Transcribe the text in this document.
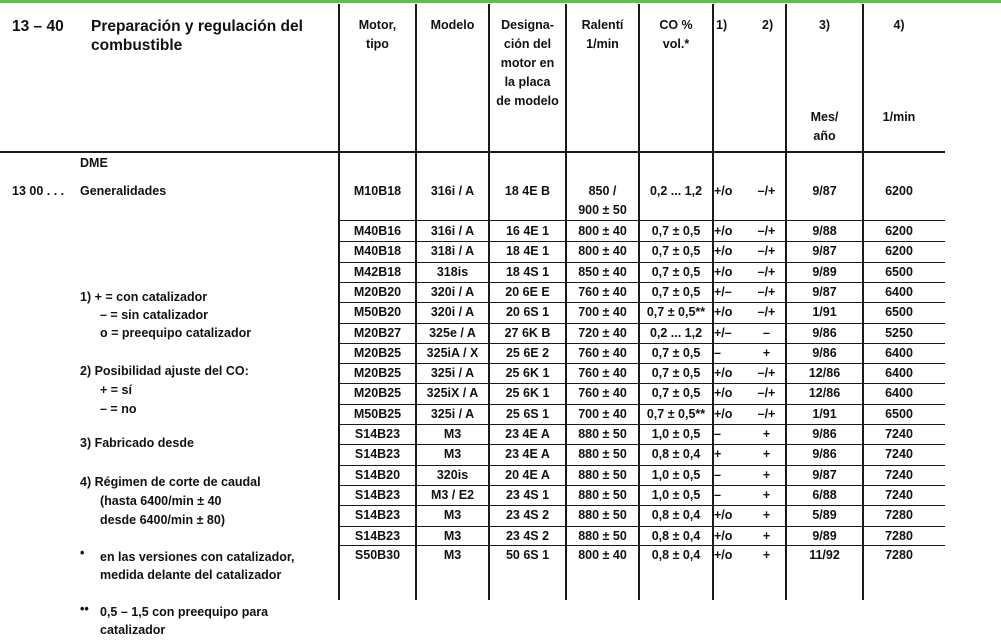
13 – 40 Preparación y regulación del
combustible
Motor,
tipo
Modelo	Designa-
ción del
motor en
la placa
de modelo
Ralentí
1/min
CO %
vol.*
1)	2)	3)	4)
Mes/
año
1/min
DME
13 00 . . . Generalidades	M10B18	316i / A	18 4E B	850 /	0,2 ... 1,2 +/o	–/+	9/87	6200
900 ± 50
M40B16	316i / A	16 4E 1	800 ± 40	0,7 ± 0,5	+/o	–/+	9/88	6200
M40B18	318i / A	18 4E 1	800 ± 40	0,7 ± 0,5	+/o	–/+	9/87	6200
M42B18	318is	18 4S 1	850 ± 40	0,7 ± 0,5	+/o	–/+	9/89	6500
M20B20	320i / A	20 6E E	760 ± 40	0,7 ± 0,5	+/–	–/+	9/87	6400
M50B20	320i / A	20 6S 1	700 ± 40	0,7 ± 0,5** +/o	–/+	1/91	6500
M20B27	325e / A	27 6K B	720 ± 40	0,2 ... 1,2 +/–	–	9/86	5250
M20B25	325iA / X	25 6E 2	760 ± 40	0,7 ± 0,5	–	+	9/86	6400
M20B25	325i / A	25 6K 1	760 ± 40	0,7 ± 0,5	+/o	–/+	12/86	6400
M20B25	325iX / A	25 6K 1	760 ± 40	0,7 ± 0,5	+/o	–/+	12/86	6400
M50B25	325i / A	25 6S 1	700 ± 40	0,7 ± 0,5** +/o	–/+	1/91	6500
S14B23	M3	23 4E A	880 ± 50	1,0 ± 0,5	–	+	9/86	7240
S14B23	M3	23 4E A	880 ± 50	0,8 ± 0,4	+	+	9/86	7240
S14B20	320is	20 4E A	880 ± 50	1,0 ± 0,5	–	+	9/87	7240
S14B23	M3 / E2	23 4S 1	880 ± 50	1,0 ± 0,5	–	+	6/88	7240
S14B23	M3	23 4S 2	880 ± 50	0,8 ± 0,4	+/o	+	5/89	7280
S14B23	M3	23 4S 2	880 ± 50	0,8 ± 0,4	+/o	+	9/89	7280
S50B30	M3	50 6S 1	800 ± 40	0,8 ± 0,4	+/o	+	11/92	7280
1) + = con catalizador
– = sin catalizador
o = preequipo catalizador
2) Posibilidad ajuste del CO:
+ = sí
– = no
3) Fabricado desde
4) Régimen de corte de caudal
(hasta 6400/min ± 40
desde 6400/min ± 80)
• en las versiones con catalizador,
medida delante del catalizador
•• 0,5 – 1,5 con preequipo para
catalizador
